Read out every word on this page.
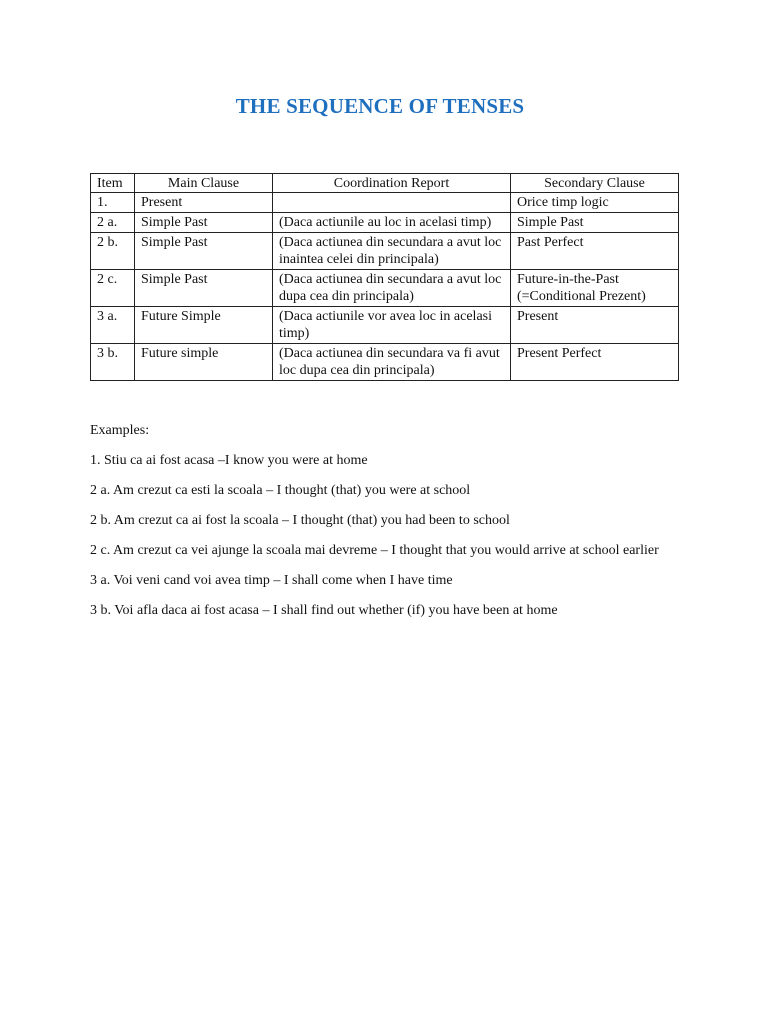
THE SEQUENCE OF TENSES
Item	Main Clause	Coordination Report	Secondary Clause
1.	Present		Orice timp logic
2 a.	Simple Past	(Daca actiunile au loc in acelasi timp)	Simple Past
2 b.	Simple Past	(Daca actiunea din secundara a avut loc inaintea celei din principala)	Past Perfect
2 c.	Simple Past	(Daca actiunea din secundara a avut loc dupa cea din principala)	Future-in-the-Past (=Conditional Prezent)
3 a.	Future Simple	(Daca actiunile vor avea loc in acelasi timp)	Present
3 b.	Future simple	(Daca actiunea din secundara va fi avut loc dupa cea din principala)	Present Perfect

Examples:

1. Stiu ca ai fost acasa –I know you were at home

2 a. Am crezut ca esti la scoala – I thought (that) you were at school

2 b. Am crezut ca ai fost la scoala – I thought (that) you had been to school

2 c. Am crezut ca vei ajunge la scoala mai devreme – I thought that you would arrive at school earlier

3 a. Voi veni cand voi avea timp – I shall come when I have time

3 b. Voi afla daca ai fost acasa – I shall find out whether (if) you have been at home
